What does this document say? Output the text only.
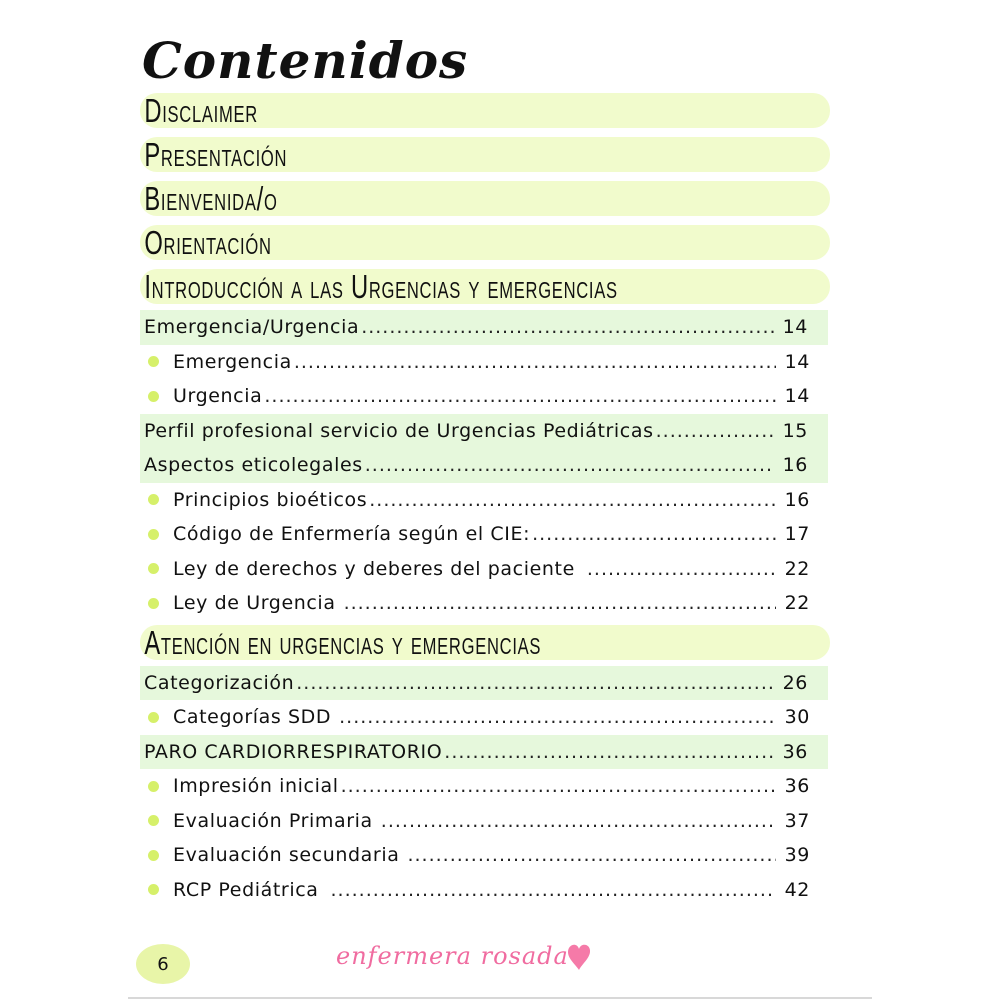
Contenidos
Disclaimer
Presentación
Bienvenida/o
Orientación
Introducción a las Urgencias y emergencias
Emergencia/Urgencia .....	14
Emergencia .....	14
Urgencia .....	14
Perfil profesional servicio de Urgencias Pediátricas .....	15
Aspectos eticolegales .....	16
Principios bioéticos .....	16
Código de Enfermería según el CIE: .....	17
Ley de derechos y deberes del paciente .....	22
Ley de Urgencia .....	22
Atención en urgencias y emergencias
Categorización .....	26
Categorías SDD .....	30
PARO CARDIORRESPIRATORIO .....	36
Impresión inicial .....	36
Evaluación Primaria .....	37
Evaluación secundaria .....	39
RCP Pediátrica .....	42
6	enfermera rosada
